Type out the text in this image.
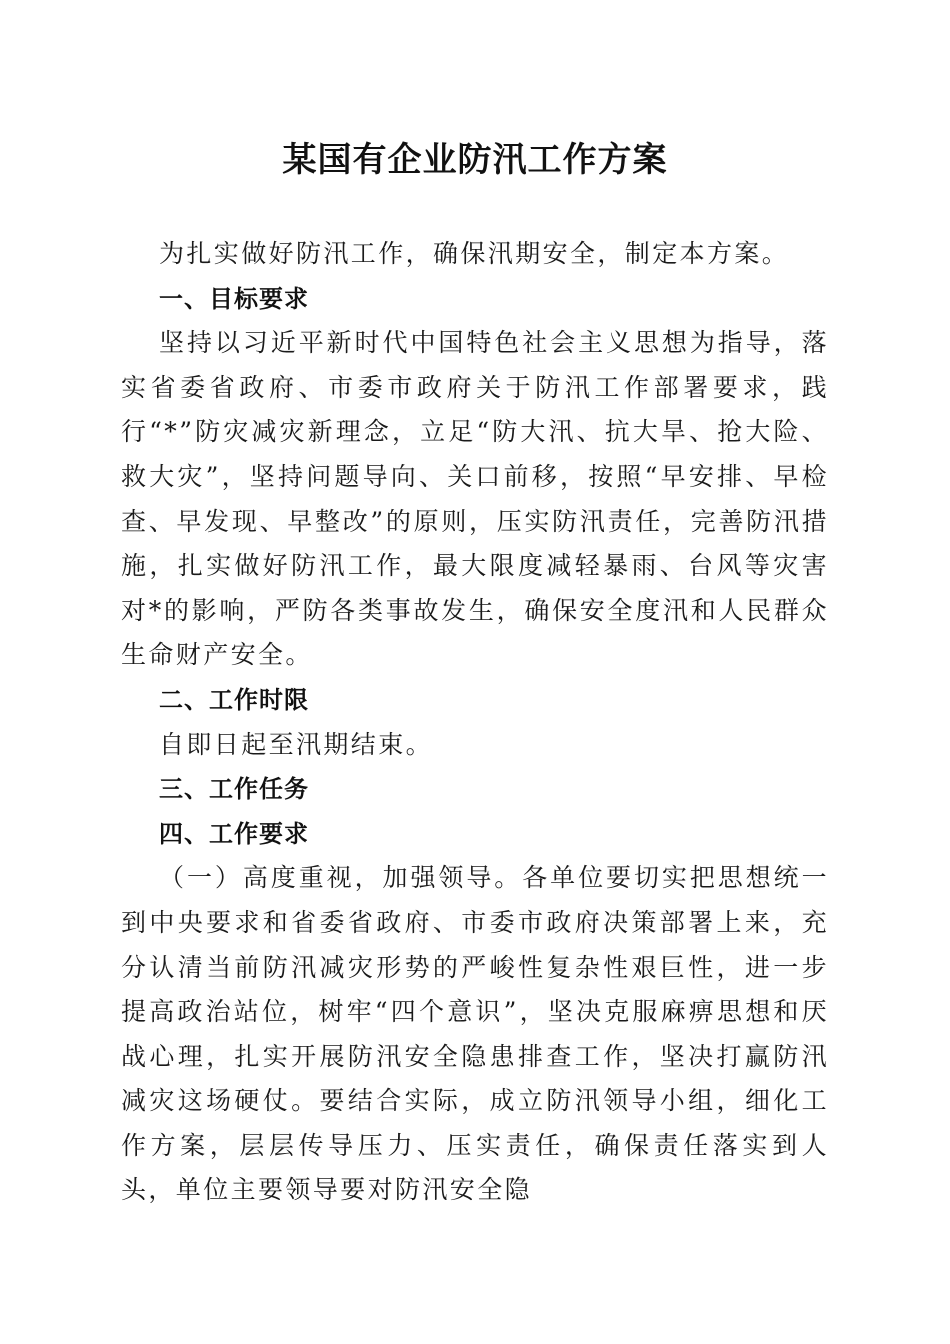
某国有企业防汛工作方案

为扎实做好防汛工作，确保汛期安全，制定本方案。

一、目标要求

坚持以习近平新时代中国特色社会主义思想为指导，落实省委省政府、市委市政府关于防汛工作部署要求，践行“*”防灾减灾新理念，立足“防大汛、抗大旱、抢大险、救大灾”，坚持问题导向、关口前移，按照“早安排、早检查、早发现、早整改”的原则，压实防汛责任，完善防汛措施，扎实做好防汛工作，最大限度减轻暴雨、台风等灾害对*的影响，严防各类事故发生，确保安全度汛和人民群众生命财产安全。

二、工作时限

自即日起至汛期结束。

三、工作任务

四、工作要求

（一）高度重视，加强领导。各单位要切实把思想统一到中央要求和省委省政府、市委市政府决策部署上来，充分认清当前防汛减灾形势的严峻性复杂性艰巨性，进一步提高政治站位，树牢“四个意识”，坚决克服麻痹思想和厌战心理，扎实开展防汛安全隐患排查工作，坚决打赢防汛减灾这场硬仗。要结合实际，成立防汛领导小组，细化工作方案，层层传导压力、压实责任，确保责任落实到人头，单位主要领导要对防汛安全隐
